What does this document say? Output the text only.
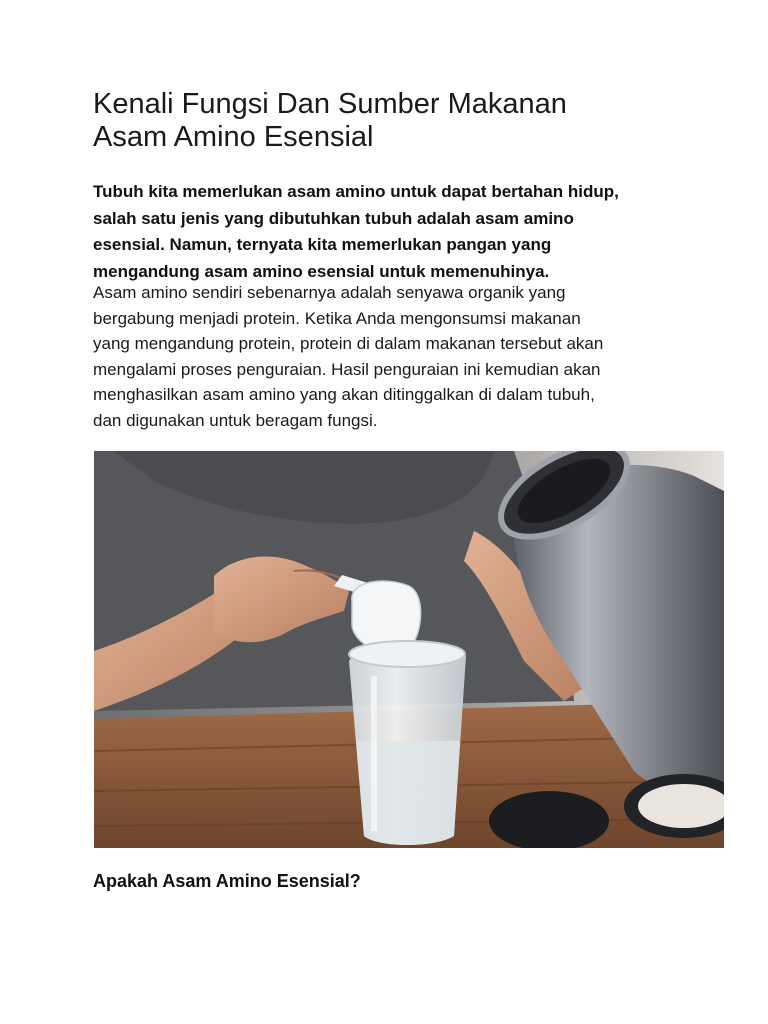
Kenali Fungsi Dan Sumber Makanan
Asam Amino Esensial

Tubuh kita memerlukan asam amino untuk dapat bertahan hidup,
salah satu jenis yang dibutuhkan tubuh adalah asam amino
esensial. Namun, ternyata kita memerlukan pangan yang
mengandung asam amino esensial untuk memenuhinya.

Asam amino sendiri sebenarnya adalah senyawa organik yang
bergabung menjadi protein. Ketika Anda mengonsumsi makanan
yang mengandung protein, protein di dalam makanan tersebut akan
mengalami proses penguraian. Hasil penguraian ini kemudian akan
menghasilkan asam amino yang akan ditinggalkan di dalam tubuh,
dan digunakan untuk beragam fungsi.

Apakah Asam Amino Esensial?
